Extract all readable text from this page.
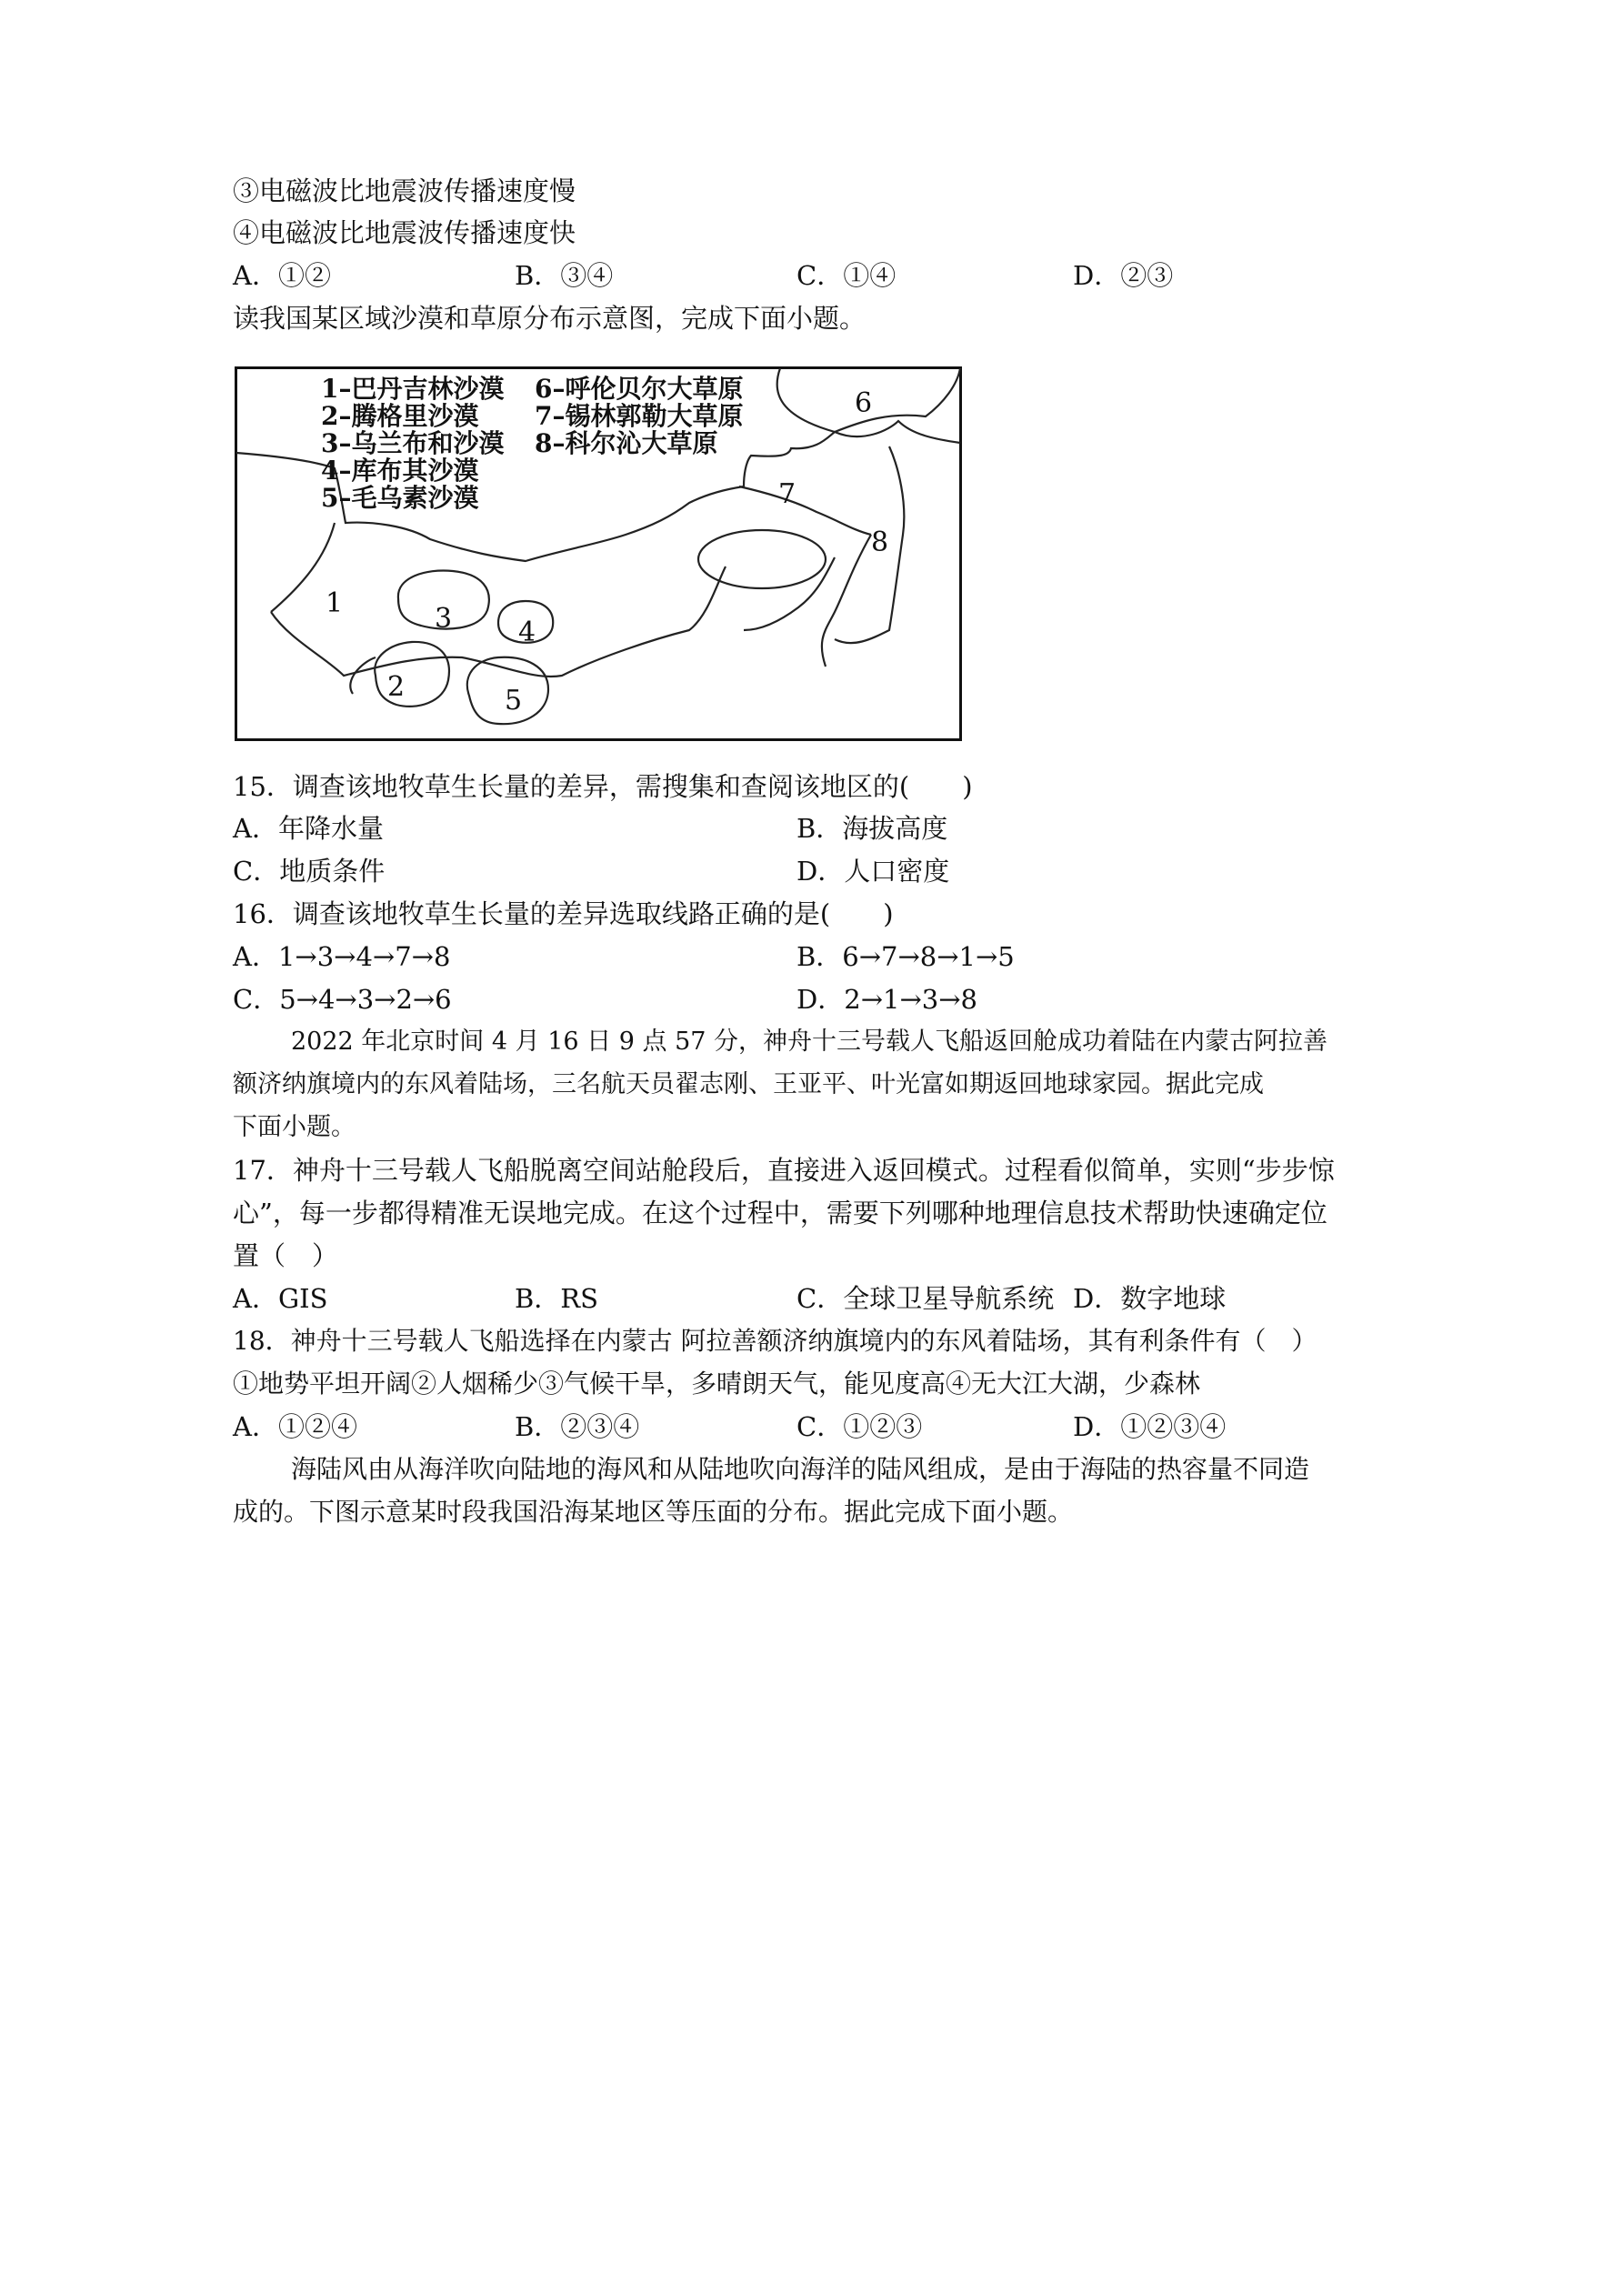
③电磁波比地震波传播速度慢
④电磁波比地震波传播速度快
A．①②	B．③④	C．①④	D．②③
读我国某区域沙漠和草原分布示意图，完成下面小题。
1–巴丹吉林沙漠
2–腾格里沙漠
3–乌兰布和沙漠
4–库布其沙漠
5–毛乌素沙漠
6–呼伦贝尔大草原
7–锡林郭勒大草原
8–科尔沁大草原
1
2
3 4
5
6
7
8
15．调查该地牧草生长量的差异，需搜集和查阅该地区的(　　)
A．年降水量	B．海拔高度
C．地质条件	D．人口密度
16．调查该地牧草生长量的差异选取线路正确的是(　　)
A．1→3→4→7→8	B．6→7→8→1→5
C．5→4→3→2→6	D．2→1→3→8
2022 年北京时间 4 月 16 日 9 点 57 分，神舟十三号载人飞船返回舱成功着陆在内蒙古阿拉善
额济纳旗境内的东风着陆场，三名航天员翟志刚、王亚平、叶光富如期返回地球家园。据此完成
下面小题。
17．神舟十三号载人飞船脱离空间站舱段后，直接进入返回模式。过程看似简单，实则“步步惊
心”，每一步都得精准无误地完成。在这个过程中，需要下列哪种地理信息技术帮助快速确定位
置（　）
A．GIS	B．RS	C．全球卫星导航系统 D．数字地球
18．神舟十三号载人飞船选择在内蒙古 阿拉善额济纳旗境内的东风着陆场，其有利条件有（　）
①地势平坦开阔②人烟稀少③气候干旱，多晴朗天气，能见度高④无大江大湖，少森林
A．①②④	B．②③④	C．①②③	D．①②③④
海陆风由从海洋吹向陆地的海风和从陆地吹向海洋的陆风组成，是由于海陆的热容量不同造
成的。下图示意某时段我国沿海某地区等压面的分布。据此完成下面小题。
